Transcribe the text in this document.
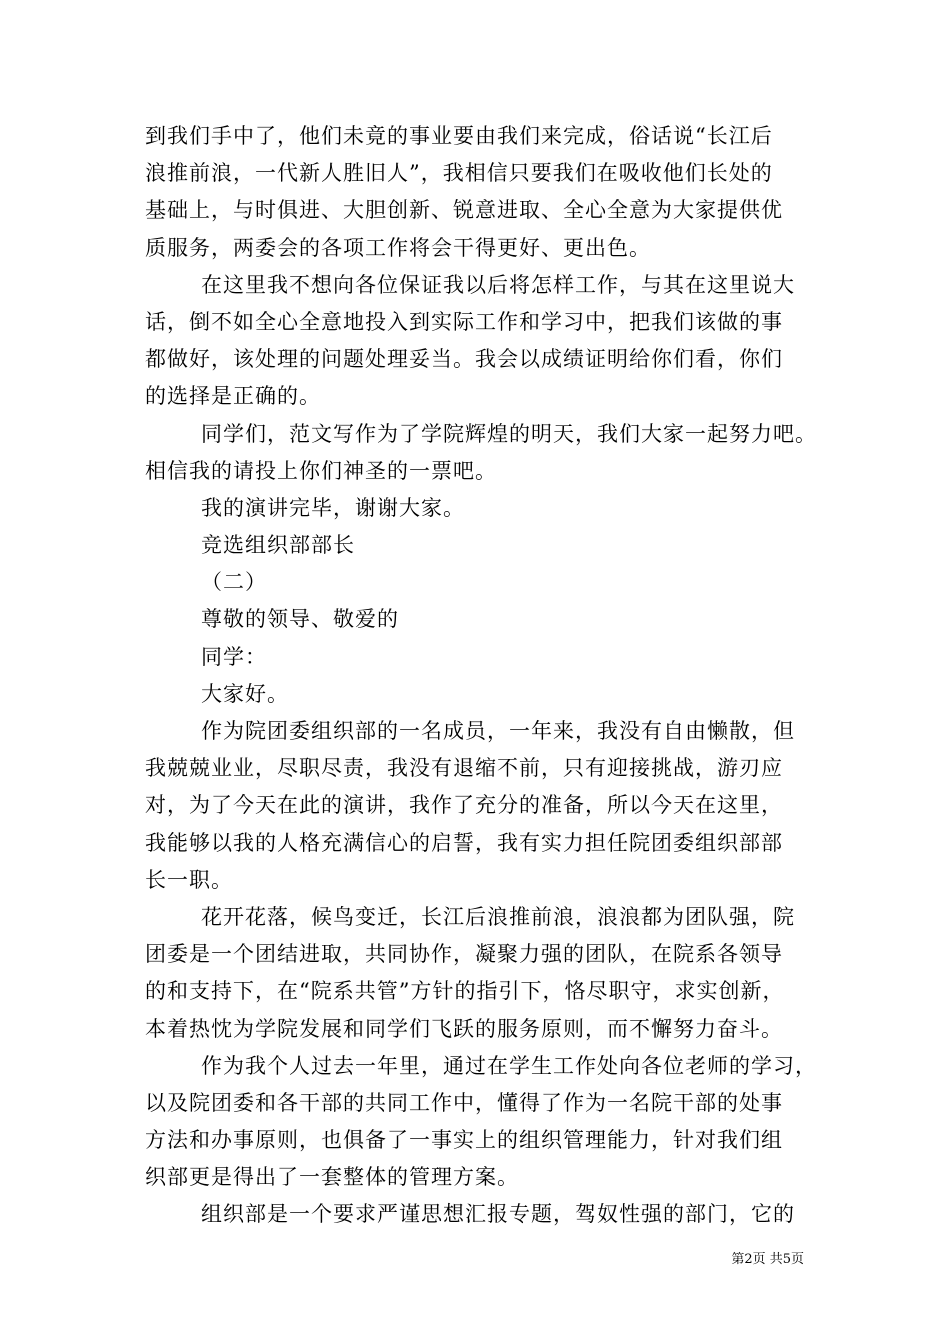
到我们手中了，他们未竟的事业要由我们来完成，俗话说“长江后
浪推前浪，一代新人胜旧人”，我相信只要我们在吸收他们长处的
基础上，与时俱进、大胆创新、锐意进取、全心全意为大家提供优
质服务，两委会的各项工作将会干得更好、更出色。

在这里我不想向各位保证我以后将怎样工作，与其在这里说大
话，倒不如全心全意地投入到实际工作和学习中，把我们该做的事
都做好，该处理的问题处理妥当。我会以成绩证明给你们看，你们
的选择是正确的。

同学们，范文写作为了学院辉煌的明天，我们大家一起努力吧。
相信我的请投上你们神圣的一票吧。

我的演讲完毕，谢谢大家。

竞选组织部部长

（二）

尊敬的领导、敬爱的

同学：

大家好。

作为院团委组织部的一名成员，一年来，我没有自由懒散，但
我兢兢业业，尽职尽责，我没有退缩不前，只有迎接挑战，游刃应
对，为了今天在此的演讲，我作了充分的准备，所以今天在这里，
我能够以我的人格充满信心的启誓，我有实力担任院团委组织部部
长一职。

花开花落，候鸟变迁，长江后浪推前浪，浪浪都为团队强，院
团委是一个团结进取，共同协作，凝聚力强的团队，在院系各领导
的和支持下，在“院系共管”方针的指引下，恪尽职守，求实创新，
本着热忱为学院发展和同学们飞跃的服务原则，而不懈努力奋斗。

作为我个人过去一年里，通过在学生工作处向各位老师的学习，
以及院团委和各干部的共同工作中，懂得了作为一名院干部的处事
方法和办事原则，也俱备了一事实上的组织管理能力，针对我们组
织部更是得出了一套整体的管理方案。

组织部是一个要求严谨思想汇报专题，驾奴性强的部门，它的

第2页 共5页
